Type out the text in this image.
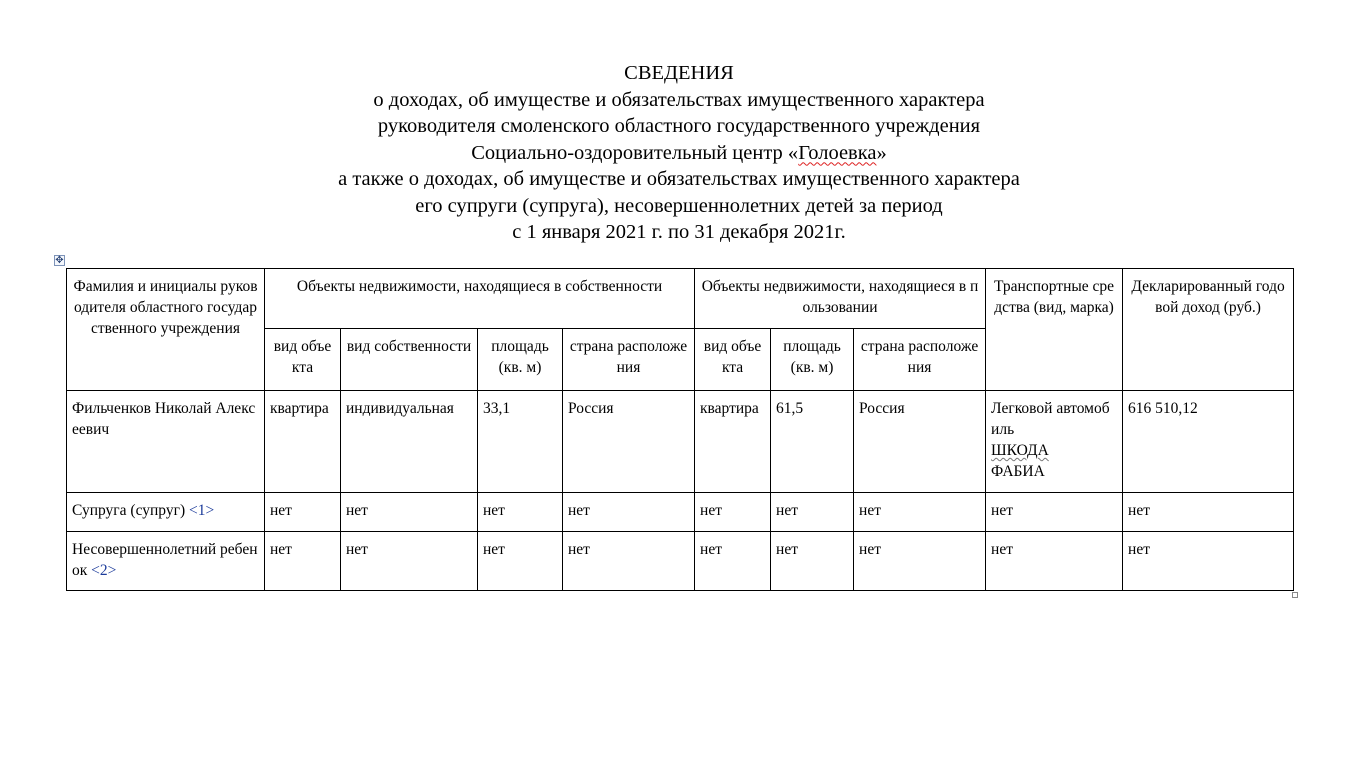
СВЕДЕНИЯ
о доходах, об имуществе и обязательствах имущественного характера
руководителя смоленского областного государственного учреждения
Социально-оздоровительный центр «Голоевка»
а также о доходах, об имуществе и обязательствах имущественного характера
его супруги (супруга), несовершеннолетних детей за период
с 1 января 2021 г. по 31 декабря 2021г.
✥
Фамилия и инициалы руководителя областного государственного учреждения	Объекты недвижимости, находящиеся в собственности				Объекты недвижимости, находящиеся в пользовании			Транспортные средства (вид, марка)	Декларированный годовой доход (руб.)
	вид объекта	вид собственности	площадь (кв. м)	страна расположения	вид объекта	площадь (кв. м)	страна расположения		
Фильченков Николай Алексеевич	квартира	индивидуальная	33,1	Россия	квартира	61,5	Россия	Легковой автомобиль
ШКОДА
ФАБИА	616 510,12
Супруга (супруг) <1>	нет	нет	нет	нет	нет	нет	нет	нет	нет
Несовершеннолетний ребенок <2>	нет	нет	нет	нет	нет	нет	нет	нет	нет
